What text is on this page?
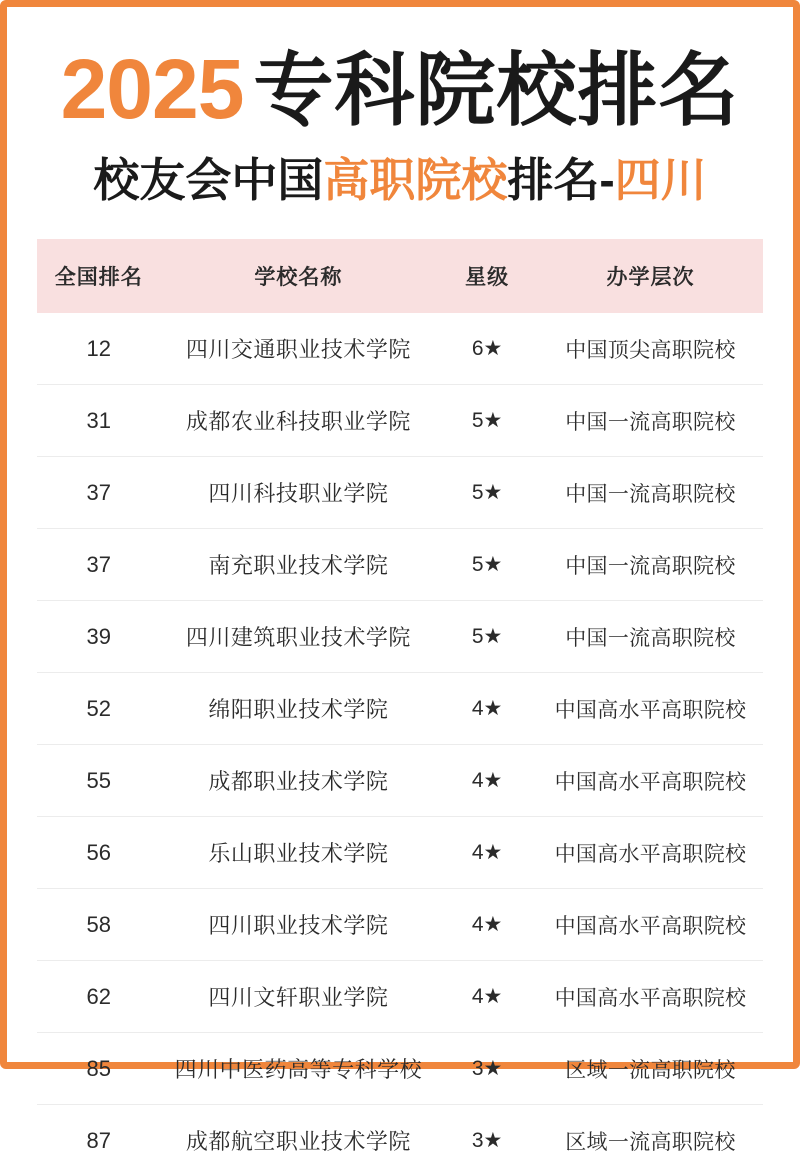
2025 专科院校排名
校友会中国 高职院校 排名- 四川
全国排名	学校名称	星级	办学层次
12	四川交通职业技术学院	6★	中国顶尖高职院校
31	成都农业科技职业学院	5★	中国一流高职院校
37	四川科技职业学院	5★	中国一流高职院校
37	南充职业技术学院	5★	中国一流高职院校
39	四川建筑职业技术学院	5★	中国一流高职院校
52	绵阳职业技术学院	4★	中国高水平高职院校
55	成都职业技术学院	4★	中国高水平高职院校
56	乐山职业技术学院	4★	中国高水平高职院校
58	四川职业技术学院	4★	中国高水平高职院校
62	四川文轩职业学院	4★	中国高水平高职院校
85	四川中医药高等专科学校	3★	区域一流高职院校
87	成都航空职业技术学院	3★	区域一流高职院校
